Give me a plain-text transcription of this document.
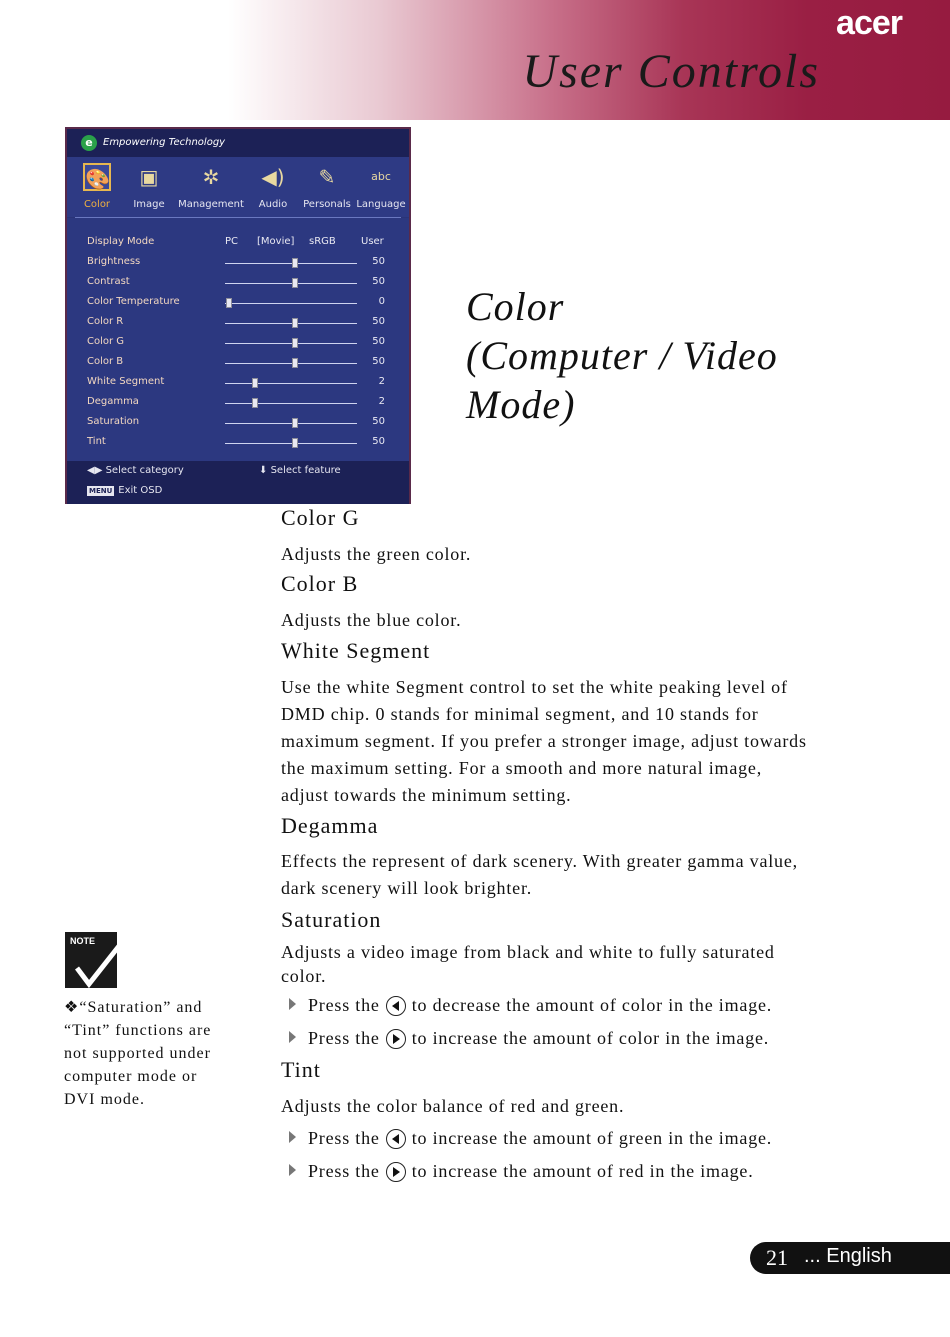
acer
User Controls
e	Empowering Technology
🎨
Color
▣
Image
✲
Management
◀)
Audio
✎
Personals
abc
Language
Display Mode	PC [Movie] sRGB	User
Brightness	50
Contrast	50
Color Temperature	0
Color R	50
Color G	50
Color B	50
White Segment	2
Degamma	2
Saturation	50
Tint	50
◀▶ Select category	⬇ Select feature
MENU Exit OSD
Color
(Computer / Video
Mode)
Color G
Adjusts the green color.
Color B
Adjusts the blue color.
White Segment
Use the white Segment control to set the white peaking level of
DMD chip. 0 stands for minimal segment, and 10 stands for
maximum segment. If you prefer a stronger image, adjust towards
the maximum setting. For a smooth and more natural image,
adjust towards the minimum setting.
Degamma
Effects the represent of dark scenery. With greater gamma value,
dark scenery will look brighter.
Saturation
Adjusts a video image from black and white to fully saturated
color.
Press the to decrease the amount of color in the image.
Press the to increase the amount of color in the image.
Tint
Adjusts the color balance of red and green.
Press the to increase the amount of green in the image.
Press the to increase the amount of red in the image.
NOTE
❖“Saturation” and
“Tint” functions are
not supported under
computer mode or
DVI mode.
21 ... English
